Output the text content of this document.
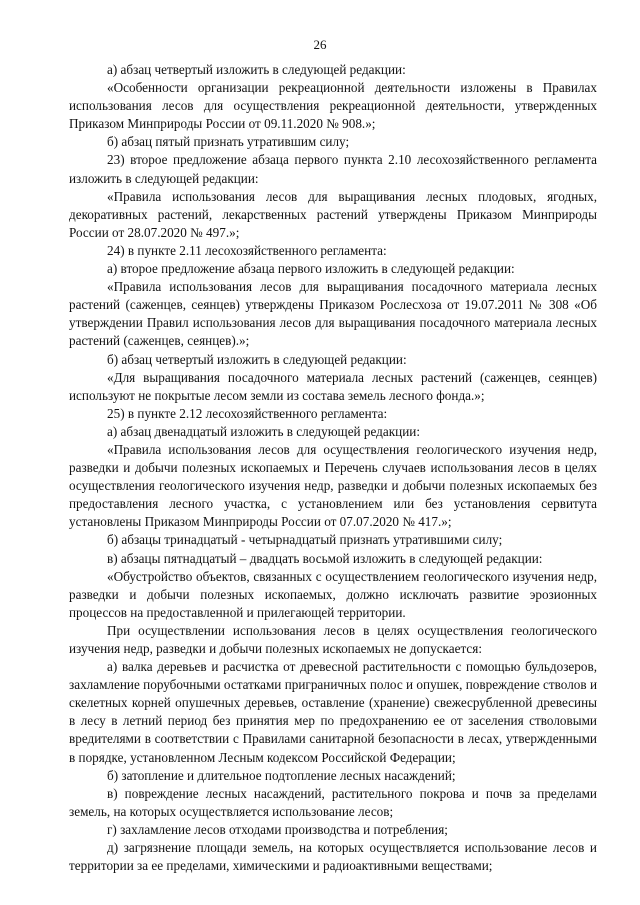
26

а) абзац четвертый изложить в следующей редакции:

«Особенности организации рекреационной деятельности изложены в Правилах использования лесов для осуществления рекреационной деятельности, утвержденных Приказом Минприроды России от 09.11.2020 № 908.»;

б) абзац пятый признать утратившим силу;

23) второе предложение абзаца первого пункта 2.10 лесохозяйственного регламента изложить в следующей редакции:

«Правила использования лесов для выращивания лесных плодовых, ягодных, декоративных растений, лекарственных растений утверждены Приказом Минприроды России от 28.07.2020 № 497.»;

24) в пункте 2.11 лесохозяйственного регламента:

а) второе предложение абзаца первого изложить в следующей редакции:

«Правила использования лесов для выращивания посадочного материала лесных растений (саженцев, сеянцев) утверждены Приказом Рослесхоза от 19.07.2011 № 308 «Об утверждении Правил использования лесов для выращивания посадочного материала лесных растений (саженцев, сеянцев).»;

б) абзац четвертый изложить в следующей редакции:

«Для выращивания посадочного материала лесных растений (саженцев, сеянцев) используют не покрытые лесом земли из состава земель лесного фонда.»;

25) в пункте 2.12 лесохозяйственного регламента:

а) абзац двенадцатый изложить в следующей редакции:

«Правила использования лесов для осуществления геологического изучения недр, разведки и добычи полезных ископаемых и Перечень случаев использования лесов в целях осуществления геологического изучения недр, разведки и добычи полезных ископаемых без предоставления лесного участка, с установлением или без установления сервитута установлены Приказом Минприроды России от 07.07.2020 № 417.»;

б) абзацы тринадцатый - четырнадцатый признать утратившими силу;

в) абзацы пятнадцатый – двадцать восьмой изложить в следующей редакции:

«Обустройство объектов, связанных с осуществлением геологического изучения недр, разведки и добычи полезных ископаемых, должно исключать развитие эрозионных процессов на предоставленной и прилегающей территории.

При осуществлении использования лесов в целях осуществления геологического изучения недр, разведки и добычи полезных ископаемых не допускается:

а) валка деревьев и расчистка от древесной растительности с помощью бульдозеров, захламление порубочными остатками приграничных полос и опушек, повреждение стволов и скелетных корней опушечных деревьев, оставление (хранение) свежесрубленной древесины в лесу в летний период без принятия мер по предохранению ее от заселения стволовыми вредителями в соответствии с Правилами санитарной безопасности в лесах, утвержденными в порядке, установленном Лесным кодексом Российской Федерации;

б) затопление и длительное подтопление лесных насаждений;

в) повреждение лесных насаждений, растительного покрова и почв за пределами земель, на которых осуществляется использование лесов;

г) захламление лесов отходами производства и потребления;

д) загрязнение площади земель, на которых осуществляется использование лесов и территории за ее пределами, химическими и радиоактивными веществами;
